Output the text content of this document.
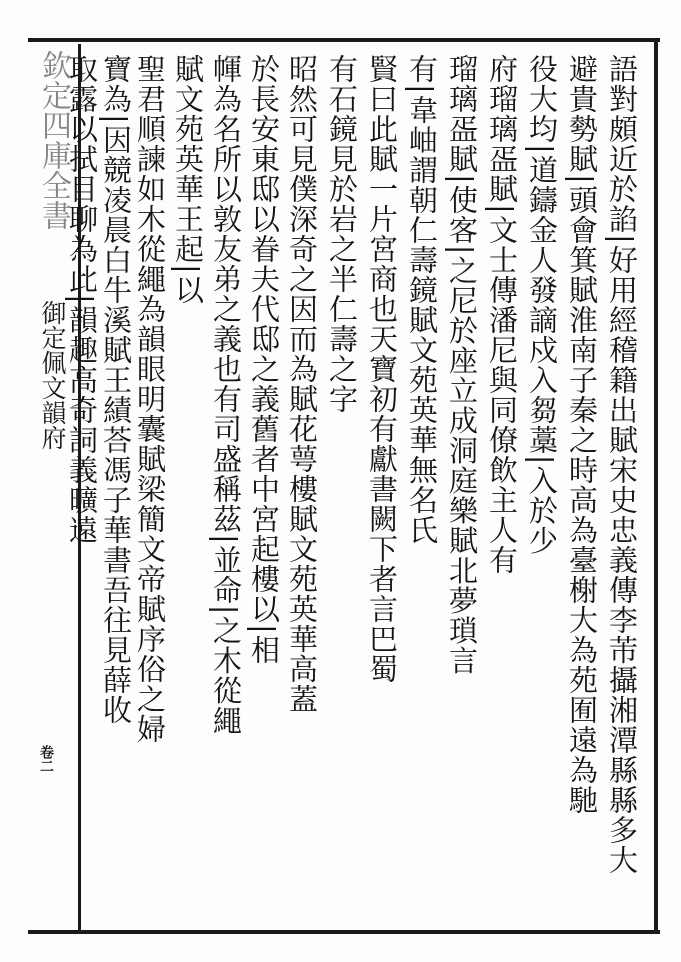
欽定四庫全書
御定佩文韻府
卷二	語對頗近於諂|好用經稽籍出賦宋史忠義傳李芾攝湘潭縣縣多大
避貴勢賦|頭會箕賦淮南子秦之時高為臺榭大為苑囿遠為馳
役大均|道鑄金人發謫戍入芻藁|入於少
府瑠璃㿿賦|文士傳潘尼與同僚飲主人有
瑠璃㿿賦|使客|之尼於座立成洞庭樂賦北夢瑣言
有|韋岫謂朝仁壽鏡賦文苑英華無名氏
賢曰此賦一片宮商也天寶初有獻書闕下者言巴蜀
有石鏡見於岩之半仁壽之字
昭然可見僕深奇之因而為賦花萼樓賦文苑英華高蓋
於長安東邸以眷夫代邸之義舊者中宮起樓以|相
㡓為名所以敦友弟之義也有司盛稱茲|並命|之木從繩
賦文苑英華王起|以
聖君順諫如木從繩為韻眼明囊賦梁簡文帝賦序俗之婦
寶為|因競凌晨白牛溪賦王績荅馮子華書吾往見薛收
取露以拭目聊為此|韻趣高奇詞義曠遠
